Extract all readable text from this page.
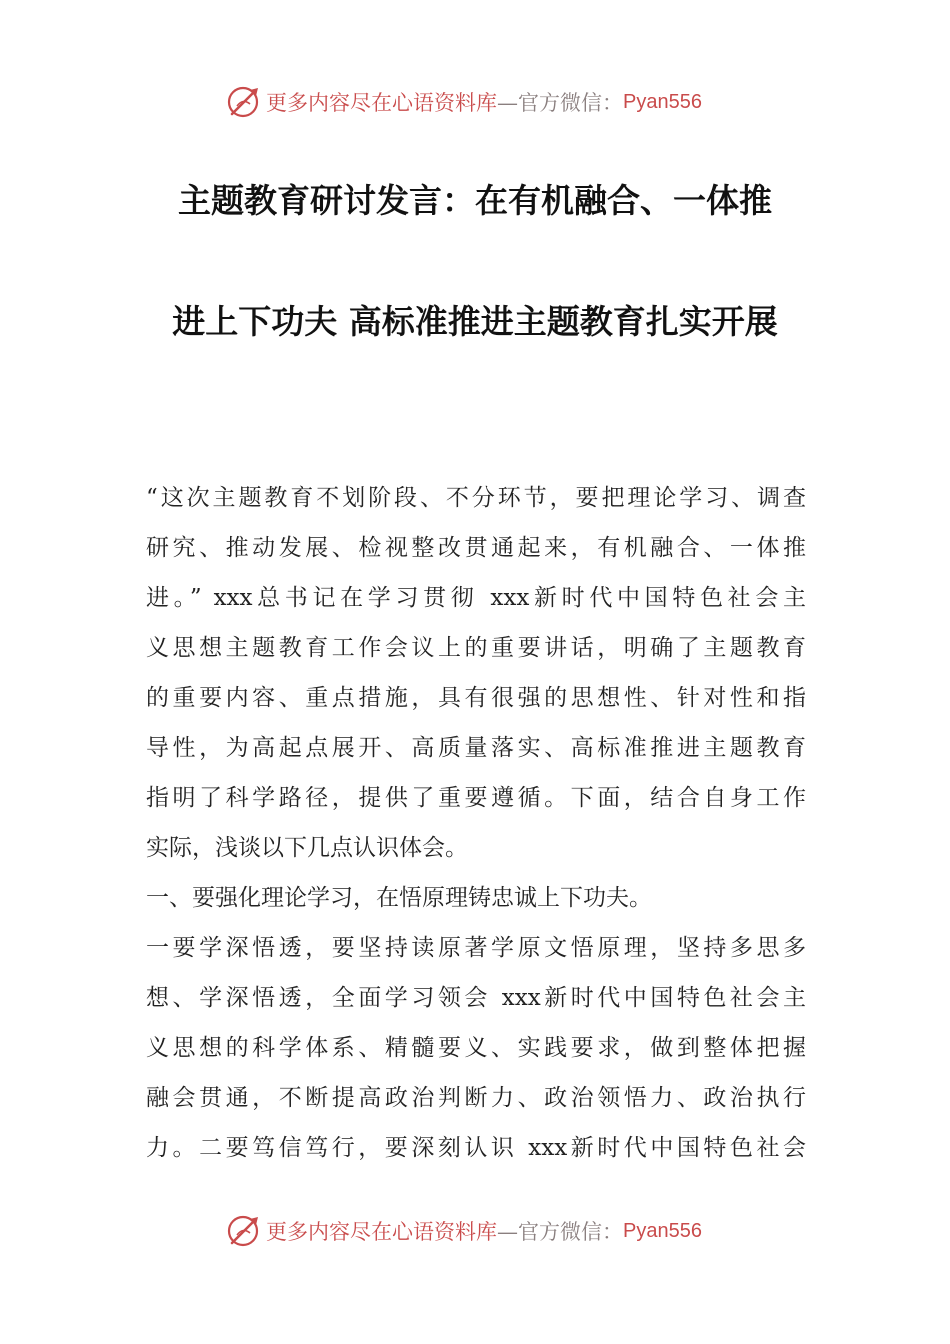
更多内容尽在心语资料库 —官方微信： Pyan556
主题教育研讨发言：在有机融合、一体推
进上下功夫 高标准推进主题教育扎实开展
“这次主题教育不划阶段、不分环节，要把理论学习、调查
研究、推动发展、检视整改贯通起来，有机融合、一体推
进。” xxx总书记在学习贯彻 xxx新时代中国特色社会主
义思想主题教育工作会议上的重要讲话，明确了主题教育
的重要内容、重点措施，具有很强的思想性、针对性和指
导性，为高起点展开、高质量落实、高标准推进主题教育
指明了科学路径，提供了重要遵循。下面，结合自身工作
实际，浅谈以下几点认识体会。
一、要强化理论学习，在悟原理铸忠诚上下功夫。
一要学深悟透，要坚持读原著学原文悟原理，坚持多思多
想、学深悟透，全面学习领会 xxx新时代中国特色社会主
义思想的科学体系、精髓要义、实践要求，做到整体把握
融会贯通，不断提高政治判断力、政治领悟力、政治执行
力。二要笃信笃行，要深刻认识 xxx新时代中国特色社会
更多内容尽在心语资料库 —官方微信： Pyan556
